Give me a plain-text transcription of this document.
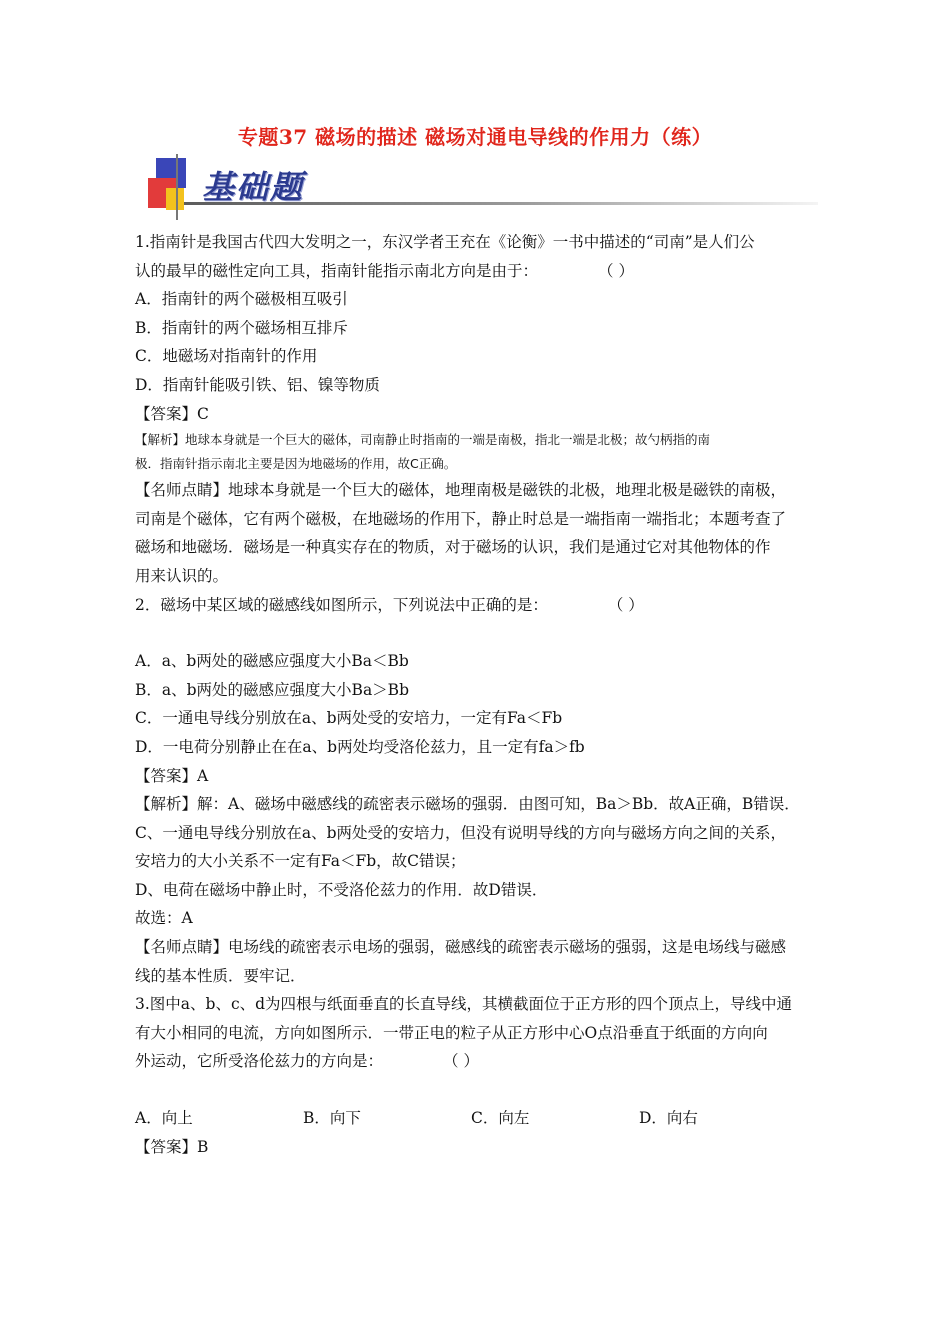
专题37 磁场的描述 磁场对通电导线的作用力（练）
基础题
1.指南针是我国古代四大发明之一，东汉学者王充在《论衡》一书中描述的“司南”是人们公
认的最早的磁性定向工具，指南针能指示南北方向是由于：	（ ）
A．指南针的两个磁极相互吸引
B．指南针的两个磁场相互排斥
C．地磁场对指南针的作用
D．指南针能吸引铁、铝、镍等物质
【答案】C
【解析】地球本身就是一个巨大的磁体，司南静止时指南的一端是南极，指北一端是北极；故勺柄指的南
极．指南针指示南北主要是因为地磁场的作用，故C正确。
【名师点睛】地球本身就是一个巨大的磁体，地理南极是磁铁的北极，地理北极是磁铁的南极，
司南是个磁体，它有两个磁极，在地磁场的作用下，静止时总是一端指南一端指北；本题考查了
磁场和地磁场．磁场是一种真实存在的物质，对于磁场的认识，我们是通过它对其他物体的作
用来认识的。
2．磁场中某区域的磁感线如图所示，下列说法中正确的是：	（ ）
A．a、b两处的磁感应强度大小Ba＜Bb
B．a、b两处的磁感应强度大小Ba＞Bb
C．一通电导线分别放在a、b两处受的安培力，一定有Fa＜Fb
D．一电荷分别静止在在a、b两处均受洛伦兹力，且一定有fa＞fb
【答案】A
【解析】解：A、磁场中磁感线的疏密表示磁场的强弱．由图可知，Ba＞Bb．故A正确，B错误．
C、一通电导线分别放在a、b两处受的安培力，但没有说明导线的方向与磁场方向之间的关系，
安培力的大小关系不一定有Fa＜Fb，故C错误；
D、电荷在磁场中静止时，不受洛伦兹力的作用．故D错误．
故选：A
【名师点睛】电场线的疏密表示电场的强弱，磁感线的疏密表示磁场的强弱，这是电场线与磁感
线的基本性质．要牢记．
3.图中a、b、c、d为四根与纸面垂直的长直导线，其横截面位于正方形的四个顶点上，导线中通
有大小相同的电流，方向如图所示．一带正电的粒子从正方形中心O点沿垂直于纸面的方向向
外运动，它所受洛伦兹力的方向是：	（ ）
A．向上	B．向下	C．向左	D．向右
【答案】B
